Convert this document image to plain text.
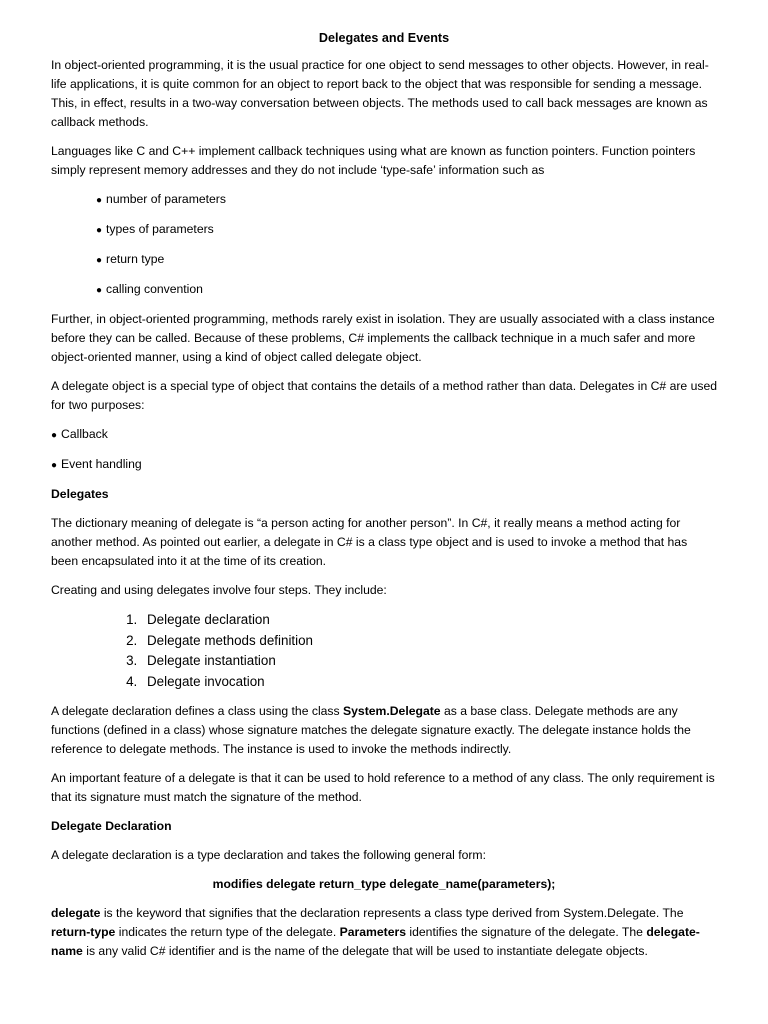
Delegates and Events

In object-oriented programming, it is the usual practice for one object to send messages to other objects. However, in real-life applications, it is quite common for an object to report back to the object that was responsible for sending a message. This, in effect, results in a two-way conversation between objects. The methods used to call back messages are known as callback methods.

Languages like C and C++ implement callback techniques using what are known as function pointers. Function pointers simply represent memory addresses and they do not include ‘type-safe’ information such as

● number of parameters
● types of parameters
● return type
● calling convention

Further, in object-oriented programming, methods rarely exist in isolation. They are usually associated with a class instance before they can be called. Because of these problems, C# implements the callback technique in a much safer and more object-oriented manner, using a kind of object called delegate object.

A delegate object is a special type of object that contains the details of a method rather than data. Delegates in C# are used for two purposes:

● Callback
● Event handling
Delegates

The dictionary meaning of delegate is “a person acting for another person”. In C#, it really means a method acting for another method. As pointed out earlier, a delegate in C# is a class type object and is used to invoke a method that has been encapsulated into it at the time of its creation.

Creating and using delegates involve four steps. They include:

1. Delegate declaration
2. Delegate methods definition
3. Delegate instantiation
4. Delegate invocation

A delegate declaration defines a class using the class System.Delegate as a base class. Delegate methods are any functions (defined in a class) whose signature matches the delegate signature exactly. The delegate instance holds the reference to delegate methods. The instance is used to invoke the methods indirectly.

An important feature of a delegate is that it can be used to hold reference to a method of any class. The only requirement is that its signature must match the signature of the method.

Delegate Declaration

A delegate declaration is a type declaration and takes the following general form:

modifies delegate return_type delegate_name(parameters);

delegate is the keyword that signifies that the declaration represents a class type derived from System.Delegate. The return-type indicates the return type of the delegate. Parameters identifies the signature of the delegate. The delegate-name is any valid C# identifier and is the name of the delegate that will be used to instantiate delegate objects.
